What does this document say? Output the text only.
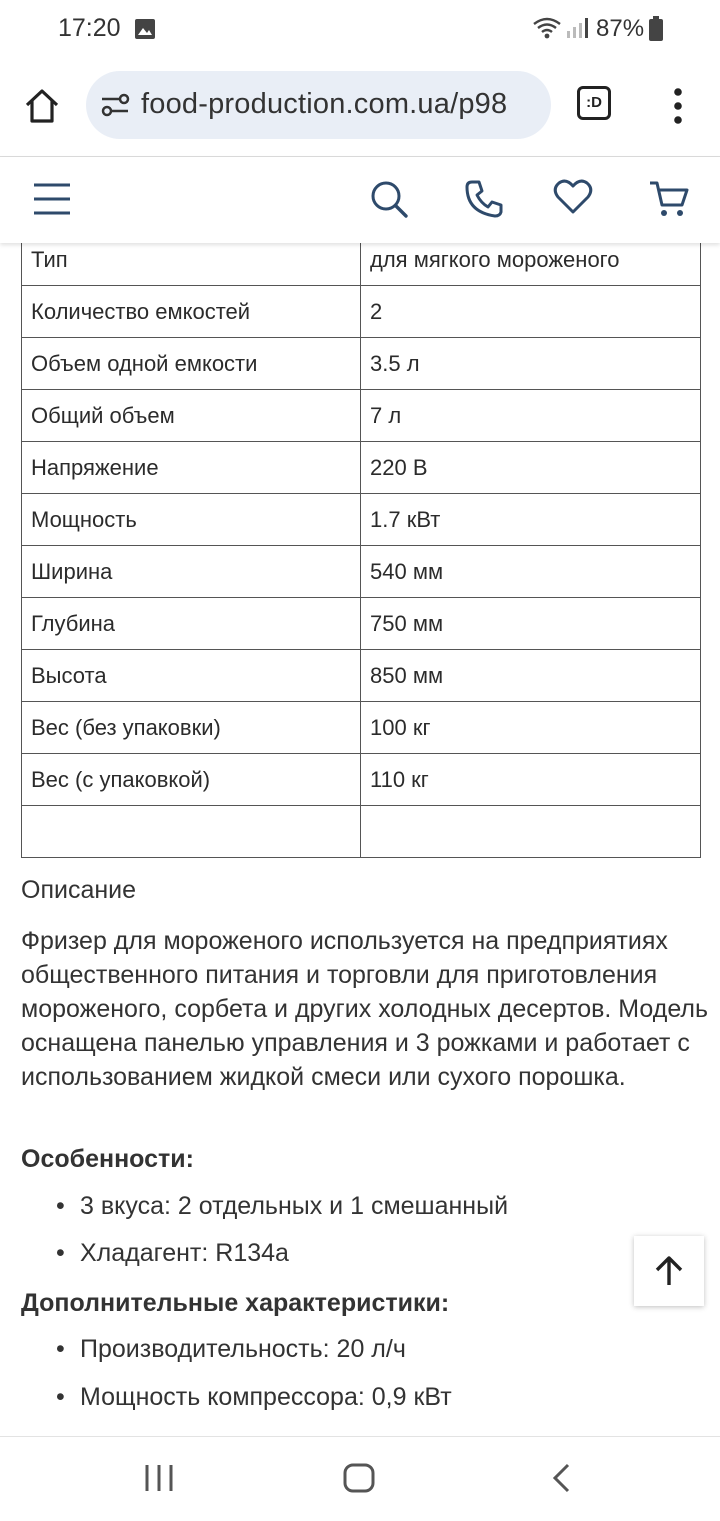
17:20	87%
food-production.com.ua/p98	:D
Тип	для мягкого мороженого
Количество емкостей	2
Объем одной емкости	3.5 л
Общий объем	7 л
Напряжение	220 В
Мощность	1.7 кВт
Ширина	540 мм
Глубина	750 мм
Высота	850 мм
Вес (без упаковки)	100 кг
Вес (с упаковкой)	110 кг

Описание
Фризер для мороженого используется на предприятиях общественного питания и торговли для приготовления мороженого, сорбета и других холодных десертов. Модель оснащена панелью управления и 3 рожками и работает с использованием жидкой смеси или сухого порошка.
Особенности:
• 3 вкуса: 2 отдельных и 1 смешанный
• Хладагент: R134a
Дополнительные характеристики:
• Производительность: 20 л/ч
• Мощность компрессора: 0,9 кВт
